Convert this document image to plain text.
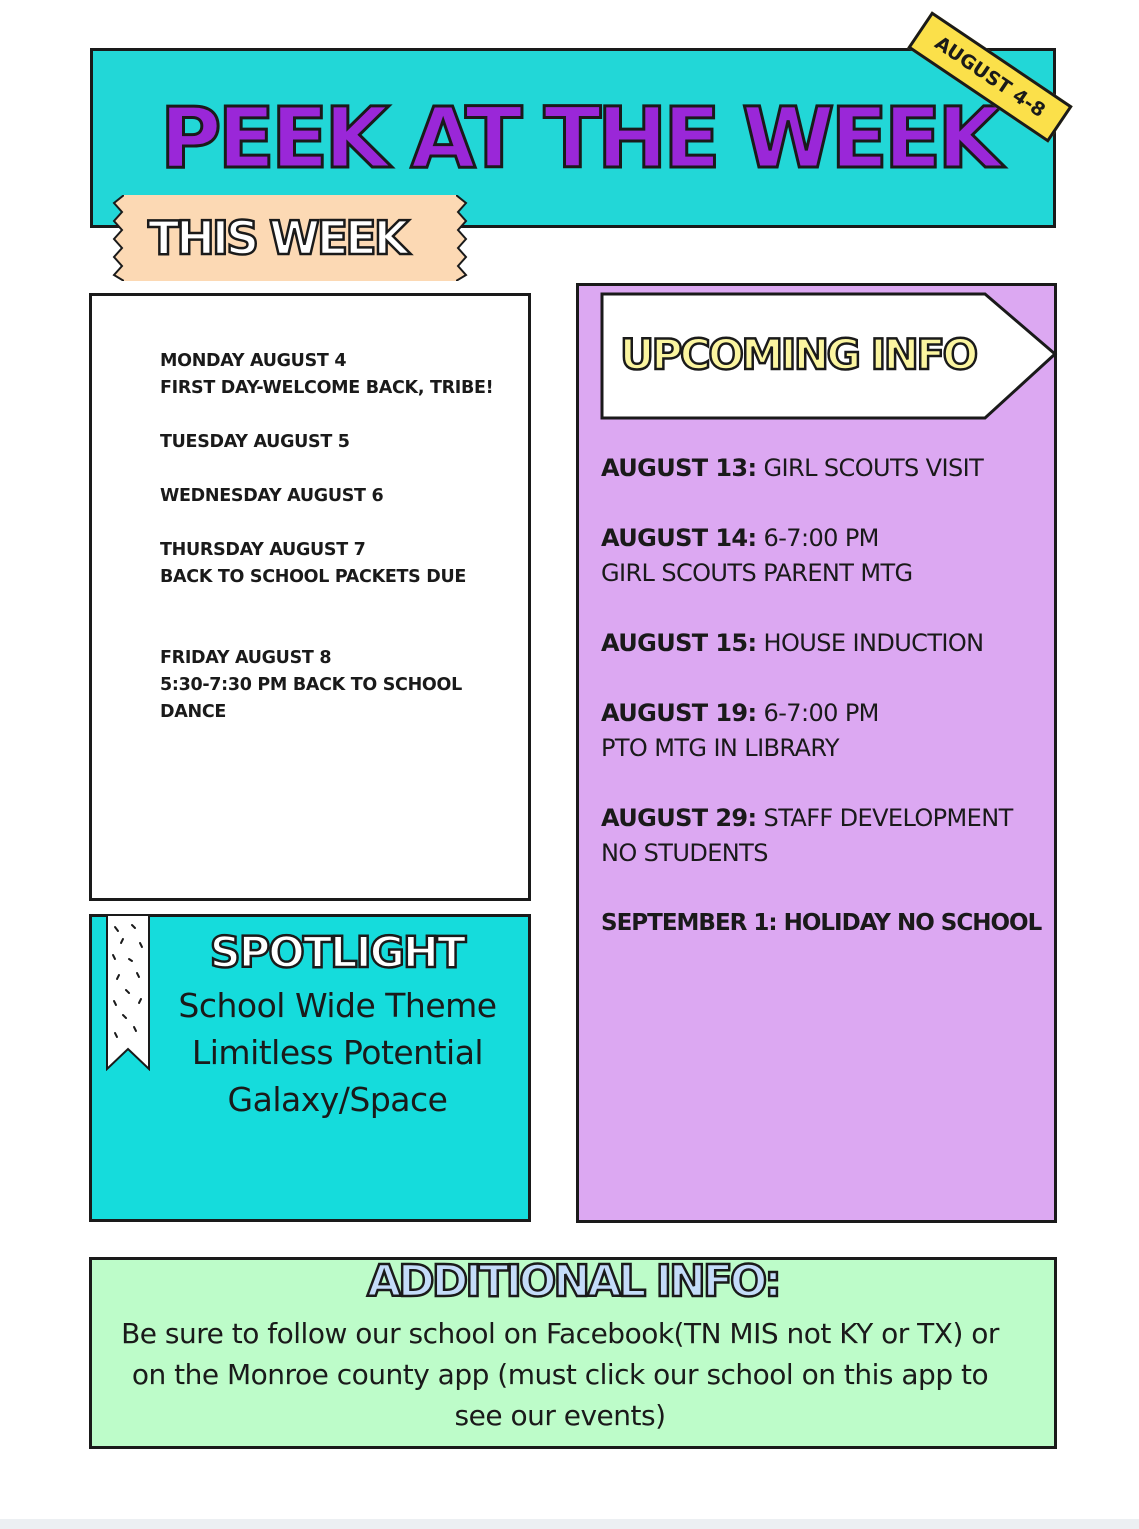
PEEK AT THE WEEK
AUGUST 4-8
THIS WEEK

MONDAY AUGUST 4
FIRST DAY-WELCOME BACK, TRIBE!

TUESDAY AUGUST 5

WEDNESDAY AUGUST 6

THURSDAY AUGUST 7
BACK TO SCHOOL PACKETS DUE

FRIDAY AUGUST 8
5:30-7:30 PM BACK TO SCHOOL
DANCE

SPOTLIGHT
School Wide Theme
Limitless Potential
Galaxy/Space
UPCOMING INFO
AUGUST 13: GIRL SCOUTS VISIT
AUGUST 14: 6-7:00 PM
GIRL SCOUTS PARENT MTG
AUGUST 15: HOUSE INDUCTION
AUGUST 19: 6-7:00 PM
PTO MTG IN LIBRARY
AUGUST 29: STAFF DEVELOPMENT
NO STUDENTS
SEPTEMBER 1: HOLIDAY NO SCHOOL
ADDITIONAL INFO:
Be sure to follow our school on Facebook(TN MIS not KY or TX) or on the Monroe county app (must click our school on this app to see our events)
